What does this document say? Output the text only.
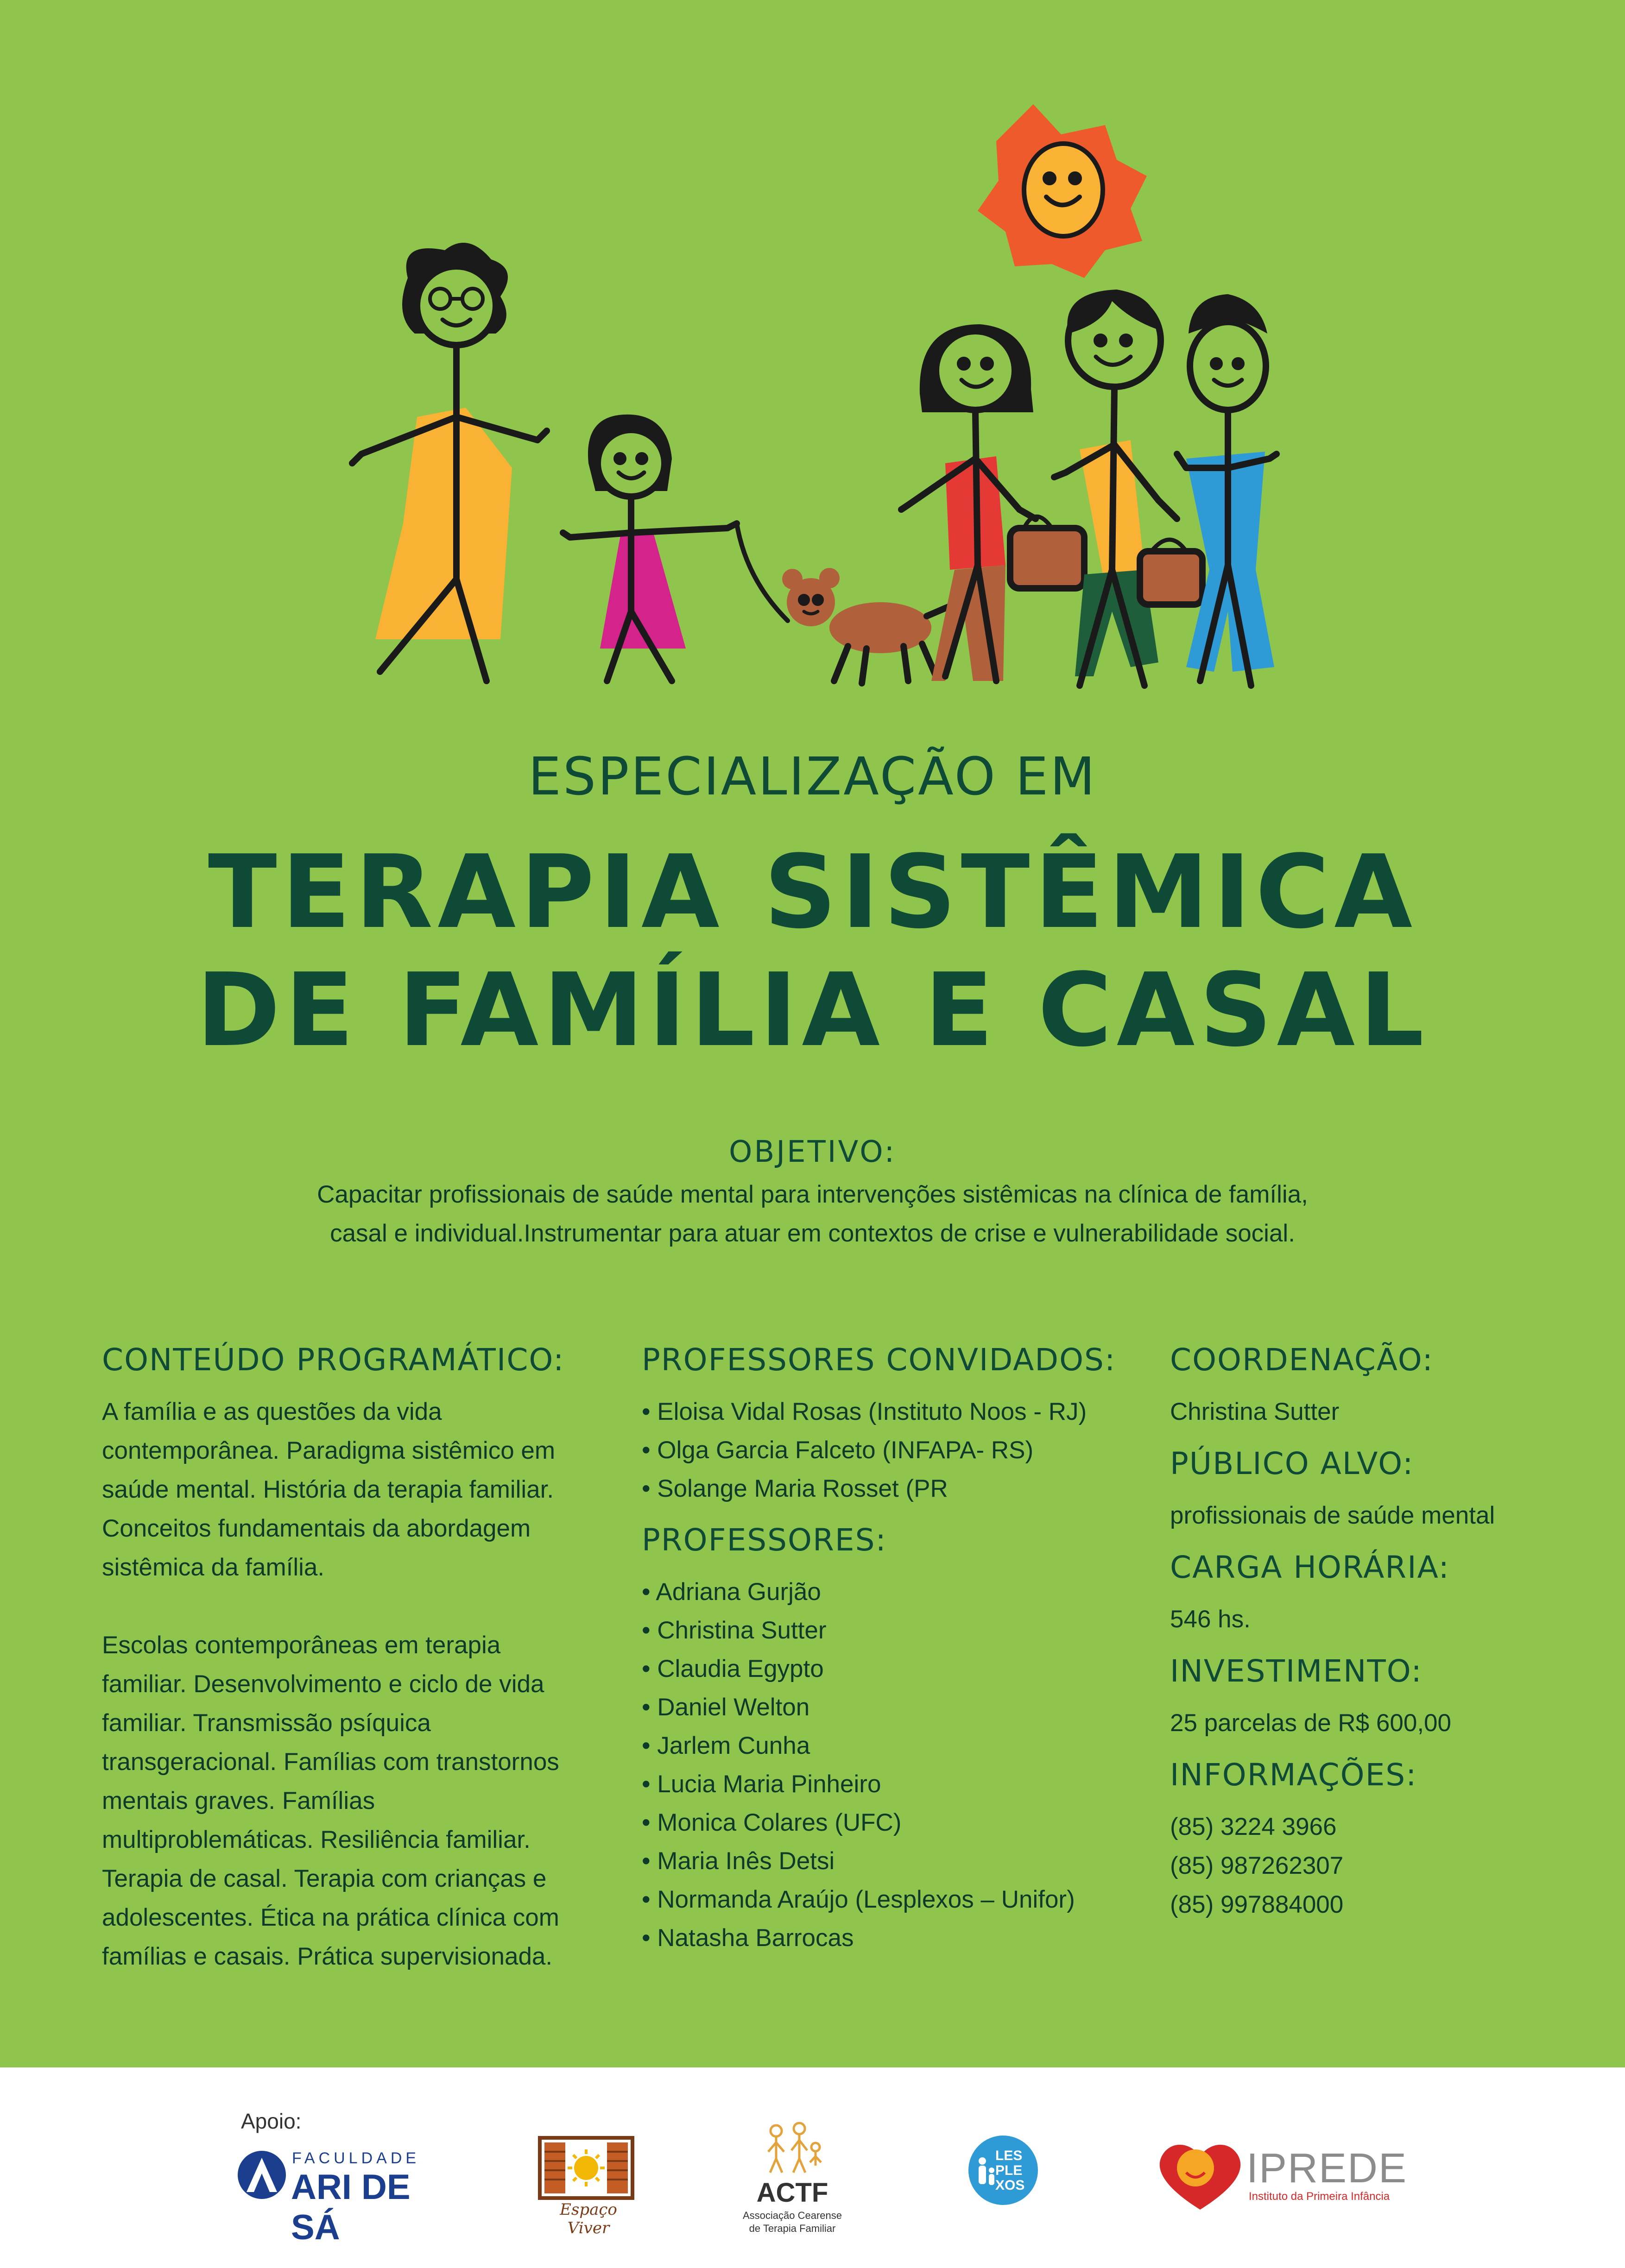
ESPECIALIZAÇÃO EM
TERAPIA SISTÊMICA
DE FAMÍLIA E CASAL
OBJETIVO:
Capacitar profissionais de saúde mental para intervenções sistêmicas na clínica de família,
casal e individual.Instrumentar para atuar em contextos de crise e vulnerabilidade social.

CONTEÚDO PROGRAMÁTICO:

A família e as questões da vida

contemporânea. Paradigma sistêmico em

saúde mental. História da terapia familiar.

Conceitos fundamentais da abordagem

sistêmica da família.

Escolas contemporâneas em terapia

familiar. Desenvolvimento e ciclo de vida

familiar. Transmissão psíquica

transgeracional. Famílias com transtornos

mentais graves. Famílias

multiproblemáticas. Resiliência familiar.

Terapia de casal. Terapia com crianças e

adolescentes. Ética na prática clínica com

famílias e casais. Prática supervisionada.

PROFESSORES CONVIDADOS:

• Eloisa Vidal Rosas (Instituto Noos - RJ)
• Olga Garcia Falceto (INFAPA- RS)
• Solange Maria Rosset (PR

PROFESSORES:

• Adriana Gurjão
• Christina Sutter
• Claudia Egypto
• Daniel Welton
• Jarlem Cunha
• Lucia Maria Pinheiro
• Monica Colares (UFC)
• Maria Inês Detsi
• Normanda Araújo (Lesplexos – Unifor)
• Natasha Barrocas

COORDENAÇÃO:

Christina Sutter

PÚBLICO ALVO:

profissionais de saúde mental

CARGA HORÁRIA:

546 hs.

INVESTIMENTO:

25 parcelas de R$ 600,00

INFORMAÇÕES:

(85) 3224 3966

(85) 987262307

(85) 997884000

Apoio:
FACULDADE
ARI DE SÁ	Espaço Viver
ACTF
Associação Cearense
de Terapia Familiar
LES
PLE
XOS	IPREDE
Instituto da Primeira Infância
